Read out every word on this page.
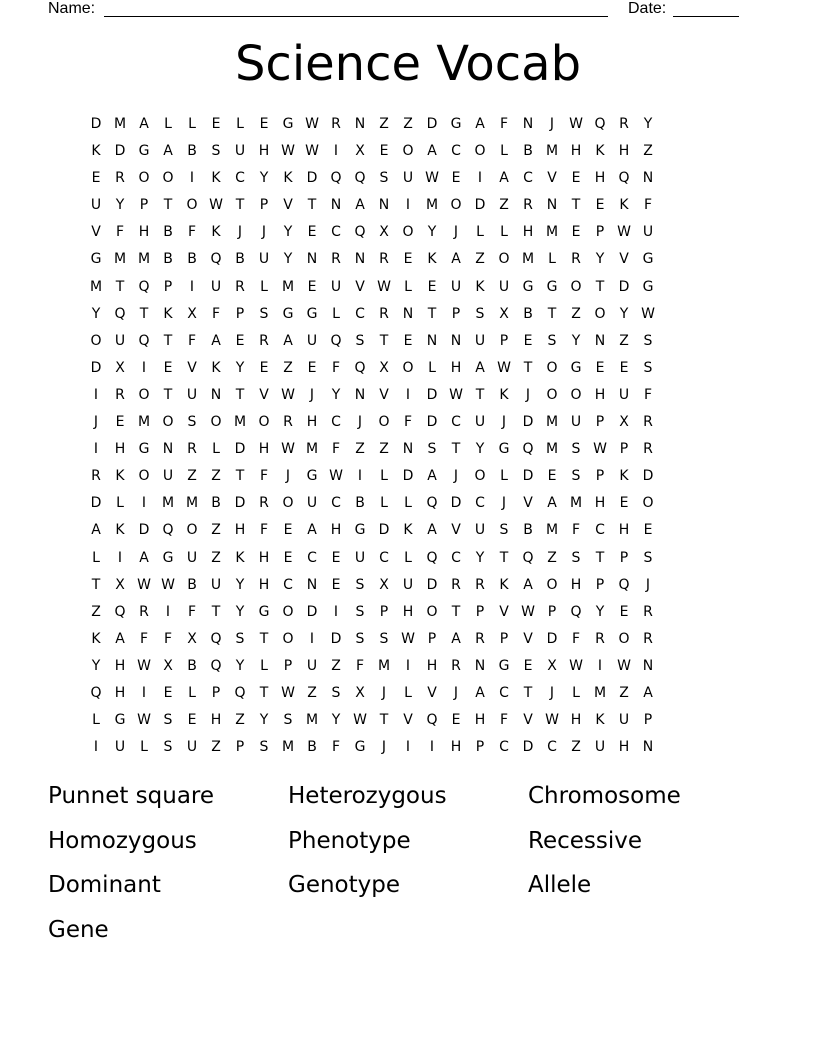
Name:	Date:
Science Vocab
D M A	L	L	E	L	E	G W R N Z	Z D G A	F	N	J	W Q R	Y
K	D G A	B	S	U H W W	I	X	E	O A	C O	L	B M H	K	H Z
E	R O O	I	K	C	Y	K	D Q Q	S	U W E	I	A	C	V	E	H Q N
U	Y	P	T	O W T	P	V	T	N A N	I	M O D Z	R N	T	E	K	F
V	F	H B	F	K	J	J	Y	E	C Q X O	Y	J	L	L	H M E	P W U
G M M B	B Q B	U	Y	N R N R	E	K	A	Z O M	L	R	Y	V G
M T	Q	P	I	U	R	L	M E	U	V W L	E	U	K	U G G O	T	D G
Y	Q	T	K	X	F	P	S	G G	L	C	R N	T	P	S	X	B	T	Z O	Y W
O U Q	T	F	A	E	R	A	U Q	S	T	E	N N U	P	E	S	Y	N Z	S
D X	I	E	V	K	Y	E	Z	E	F	Q X O	L	H A W T	O G	E	E	S
I	R O	T	U N	T	V W	J	Y	N V	I	D W T	K	J	O O H U	F
J	E M O	S	O M O R H C	J	O	F	D C U	J	D M U	P	X	R
I	H G N R	L	D H W M F	Z	Z N	S	T	Y	G Q M S W P	R
R	K O U	Z	Z	T	F	J	G W	I	L	D A	J	O	L	D	E	S	P	K	D
D	L	I	M M B D R O U C	B	L	L	Q D C	J	V	A M H	E	O
A	K	D Q O Z H	F	E	A H G D	K	A	V	U	S	B M F	C H	E
L	I	A G U	Z	K	H	E	C	E	U C	L	Q C	Y	T	Q Z	S	T	P	S
T	X W W B	U	Y	H C N	E	S	X	U D R	R	K	A O H	P	Q	J
Z Q R	I	F	T	Y	G O D	I	S	P	H O	T	P	V W P	Q	Y	E	R
K	A	F	F	X Q	S	T	O	I	D	S	S W P	A	R	P	V D	F	R O R
Y	H W X	B Q	Y	L	P	U	Z	F M	I	H R N G	E	X W	I	W N
Q H	I	E	L	P	Q	T W Z	S	X	J	L	V	J	A	C	T	J	L	M Z	A
L	G W S	E	H Z	Y	S M Y W T	V Q	E	H	F	V W H	K	U	P
I	U	L	S	U	Z	P	S M B	F	G	J	I	I	H	P	C D C	Z	U H N
Punnet square	Heterozygous	Chromosome
Homozygous	Phenotype	Recessive
Dominant	Genotype	Allele
Gene
